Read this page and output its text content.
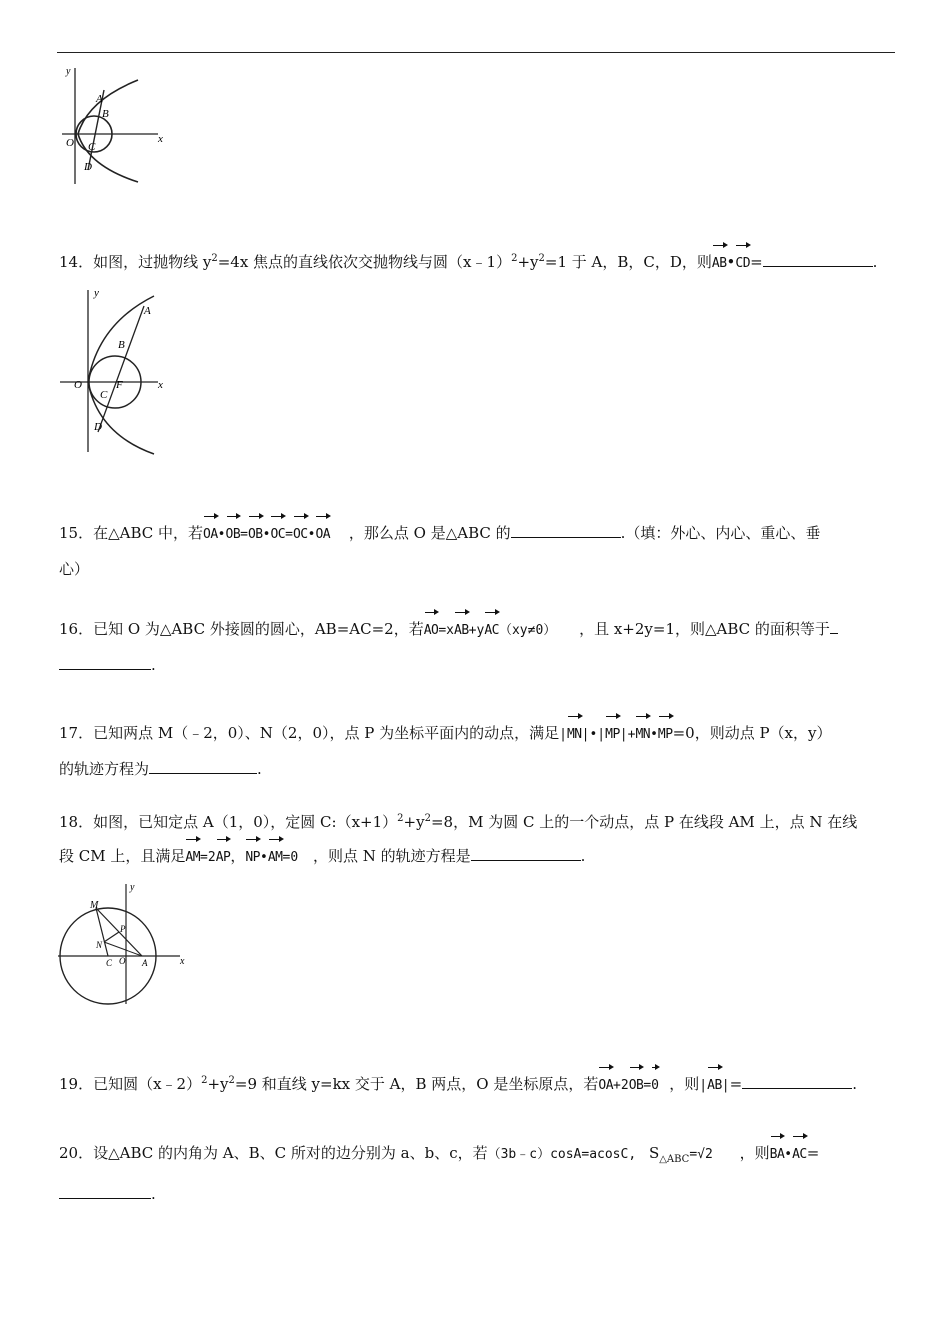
y
x
O
A
B
C
D
14．如图，过抛物线 $y^2=4x$ 焦点的直线依次交抛物线与圆$(x﹣1)^2+y^2=1$ 于 A，B，C，D，则AB•CD=	.
y
x
O
A
B
F
C
D
15．在△ABC 中，若OA•OB=OB•OC=OC•OA ，那么点 O 是△ABC 的	.（填：外心、内心、重心、垂
心）
16．已知 O 为△ABC 外接圆的圆心，AB=AC=2，若AO=xAB+yAC（xy≠0） ，且 x+2y=1，则△ABC 的面积等于
.
17．已知两点 M（﹣2，0）、N（2，0），点 P 为坐标平面内的动点，满足|MN|•|MP|+MN•MP=0，则动点 P（x，y）
的轨迹方程为	.
18．如图，已知定点 A（1，0），定圆 $C:(x+1)^2+y^2=8$，M 为圆 C 上的一个动点，点 P 在线段 AM 上，点 N 在线
段 CM 上，且满足AM=2AP，NP•AM=0 ，则点 N 的轨迹方程是	.
y
x
M
P
N
C O A
19．已知圆$(x﹣2)^2+y^2=9$ 和直线 y=kx 交于 A，B 两点，O 是坐标原点，若OA+2OB=0 ，则|AB|=	.
20．设△ABC 的内角为 A、B、C 所对的边分别为 a、b、c，若（3b﹣c）cosA=acosC, $S_{\triangle ABC}=√2$ ，则BA•AC=
.
